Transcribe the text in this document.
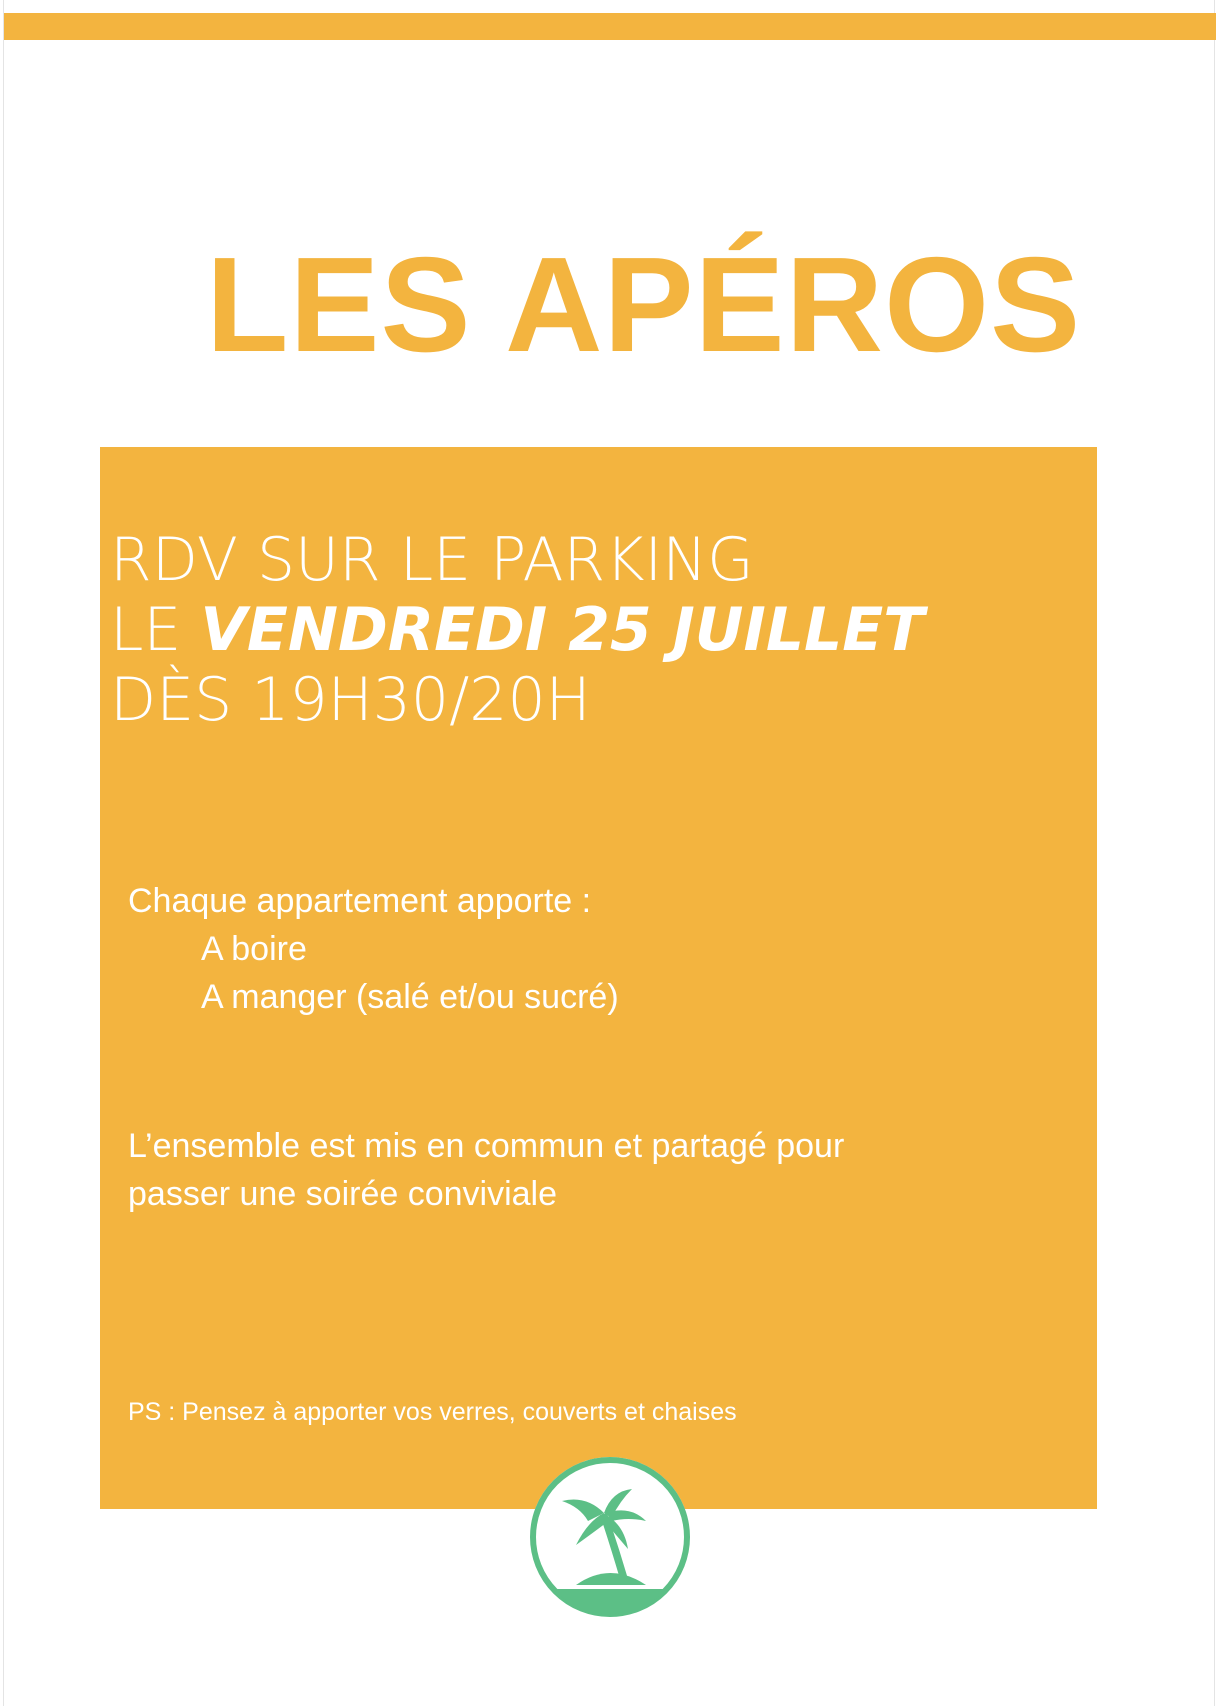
LES APÉROS
RDV SUR LE PARKING
LE VENDREDI 25 JUILLET
DÈS 19H30/20H
Chaque appartement apporte :
A boire
A manger (salé et/ou sucré)
L’ensemble est mis en commun et partagé pour
passer une soirée conviviale
PS : Pensez à apporter vos verres, couverts et chaises
